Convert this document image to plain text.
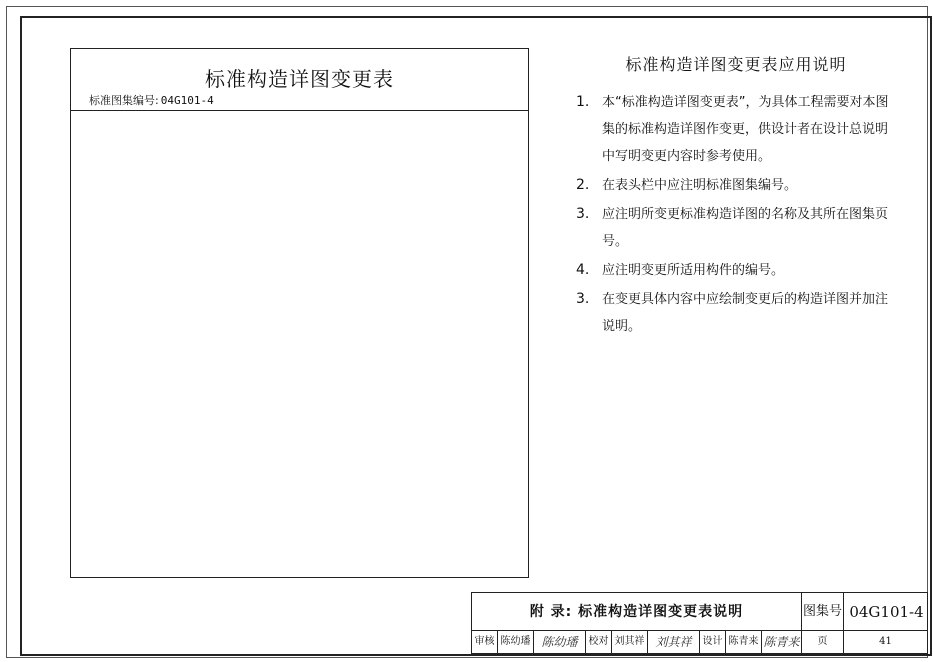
标准构造详图变更表
标准图集编号: 04G101-4
标准构造详图变更表应用说明
1. 本“标准构造详图变更表”，为具体工程需要对本图集的标准构造详图作变更，供设计者在设计总说明中写明变更内容时参考使用。
2. 在表头栏中应注明标准图集编号。
3. 应注明所变更标准构造详图的名称及其所在图集页号。
4. 应注明变更所适用构件的编号。
3. 在变更具体内容中应绘制变更后的构造详图并加注说明。
附 录: 标准构造详图变更表说明	图集号 04G101-4
审核 陈幼璠 陈幼璠	校对 刘其祥 刘其祥	设计 陈青来 陈青来	页	41
